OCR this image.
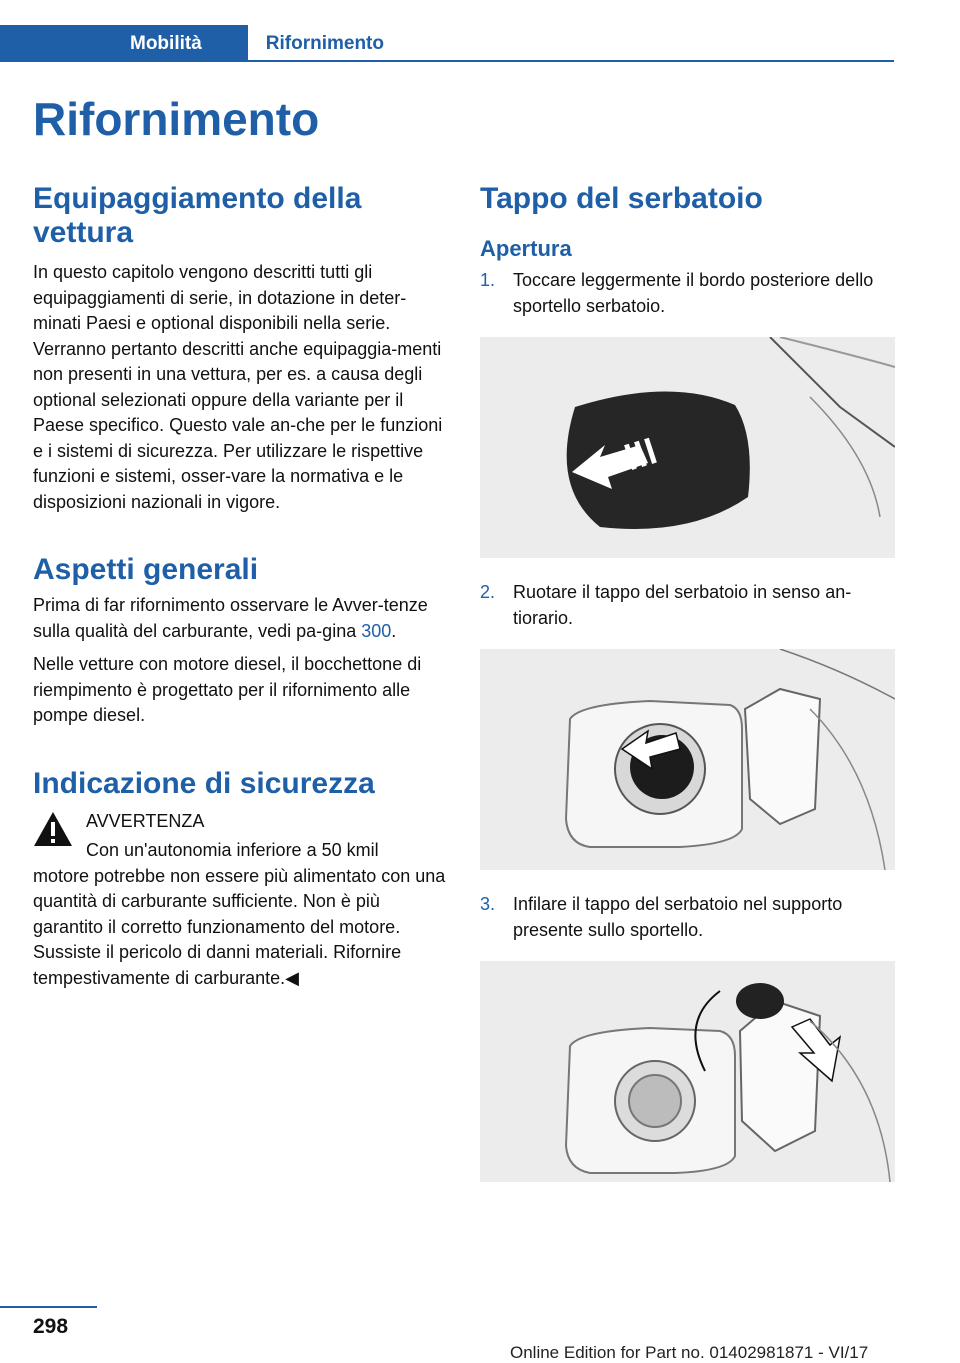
Mobilità	Rifornimento
Rifornimento
Equipaggiamento della vettura

In questo capitolo vengono descritti tutti gli equipaggiamenti di serie, in dotazione in deter‐minati Paesi e optional disponibili nella serie. Verranno pertanto descritti anche equipaggia‐menti non presenti in una vettura, per es. a causa degli optional selezionati oppure della variante per il Paese specifico. Questo vale an‐che per le funzioni e i sistemi di sicurezza. Per utilizzare le rispettive funzioni e sistemi, osser‐vare la normativa e le disposizioni nazionali in vigore.

Aspetti generali

Prima di far rifornimento osservare le Avver‐tenze sulla qualità del carburante, vedi pa‐gina 300.

Nelle vetture con motore diesel, il bocchettone di riempimento è progettato per il rifornimento alle pompe diesel.

Indicazione di sicurezza

AVVERTENZA

Con un'autonomia inferiore a 50 kmil

motore potrebbe non essere più alimentato con una quantità di carburante sufficiente. Non è più garantito il corretto funzionamento del motore. Sussiste il pericolo di danni materiali. Rifornire tempestivamente di carburante.◀

Tappo del serbatoio
Apertura
1. Toccare leggermente il bordo posteriore dello sportello serbatoio.
2. Ruotare il tappo del serbatoio in senso an‐tiorario.
3. Infilare il tappo del serbatoio nel supporto presente sullo sportello.
298
Online Edition for Part no. 01402981871 - VI/17
